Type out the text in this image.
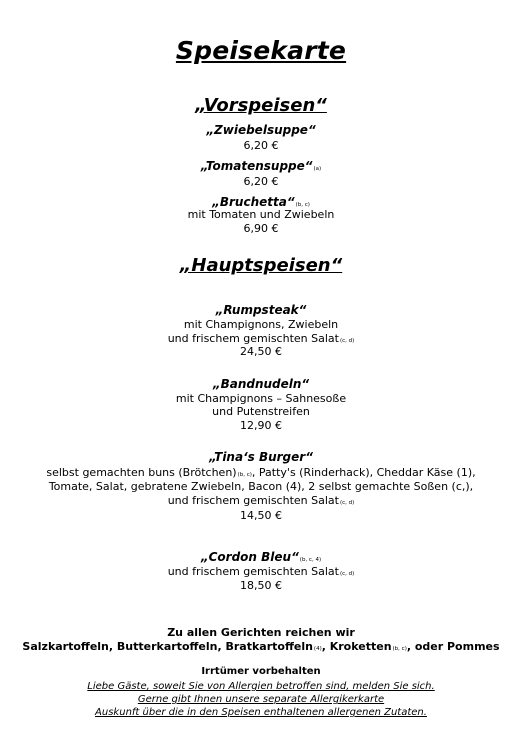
Speisekarte
„Vorspeisen“
„Zwiebelsuppe“
6,20 €
„Tomatensuppe“(a)
6,20 €
„Bruchetta“(b, c)
mit Tomaten und Zwiebeln
6,90 €
„Hauptspeisen“
„Rumpsteak“
mit Champignons, Zwiebeln
und frischem gemischten Salat(c, d)
24,50 €
„Bandnudeln“
mit Champignons – Sahnesoße
und Putenstreifen
12,90 €
„Tina‘s Burger“
selbst gemachten buns (Brötchen)(b, c), Patty's (Rinderhack), Cheddar Käse (1),
Tomate, Salat, gebratene Zwiebeln, Bacon (4), 2 selbst gemachte Soßen (c,),
und frischem gemischten Salat(c, d)
14,50 €
„Cordon Bleu“(b, c, 4)
und frischem gemischten Salat(c, d)
18,50 €
Zu allen Gerichten reichen wir
Salzkartoffeln, Butterkartoffeln, Bratkartoffeln(4), Kroketten(b, c), oder Pommes
Irrtümer vorbehalten
Liebe Gäste, soweit Sie von Allergien betroffen sind, melden Sie sich.
Gerne gibt Ihnen unsere separate Allergikerkarte
Auskunft über die in den Speisen enthaltenen allergenen Zutaten.
